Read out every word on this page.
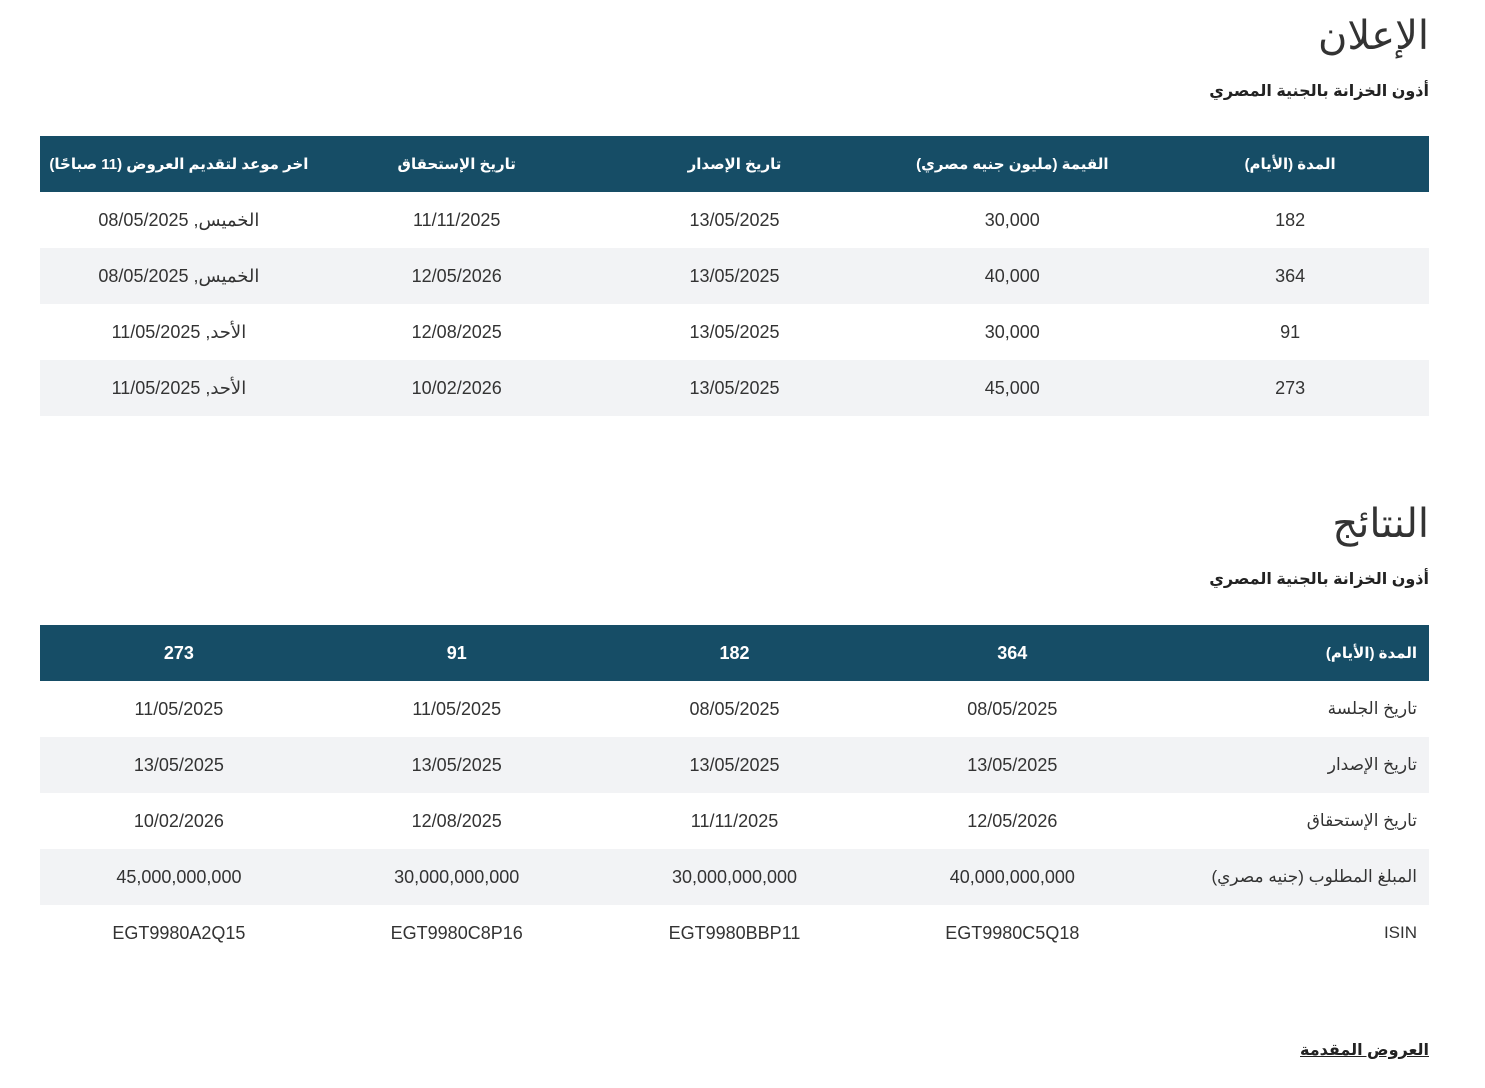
الإعلان

أذون الخزانة بالجنية المصري

المدة (الأيام)	القيمة (مليون جنيه مصري)	تاريخ الإصدار	تاريخ الإستحقاق	اخر موعد لتقديم العروض (11 صباحًا)
182	30,000	13/05/2025	11/11/2025	الخميس, 08/05/2025
364	40,000	13/05/2025	12/05/2026	الخميس, 08/05/2025
91	30,000	13/05/2025	12/08/2025	الأحد, 11/05/2025
273	45,000	13/05/2025	10/02/2026	الأحد, 11/05/2025
النتائج

أذون الخزانة بالجنية المصري

المدة (الأيام)	364	182	91	273
تاريخ الجلسة	08/05/2025	08/05/2025	11/05/2025	11/05/2025
تاريخ الإصدار	13/05/2025	13/05/2025	13/05/2025	13/05/2025
تاريخ الإستحقاق	12/05/2026	11/11/2025	12/08/2025	10/02/2026
المبلغ المطلوب (جنيه مصري)	40,000,000,000	30,000,000,000	30,000,000,000	45,000,000,000
ISIN	EGT9980C5Q18	EGT9980BBP11	EGT9980C8P16	EGT9980A2Q15
العروض المقدمة
